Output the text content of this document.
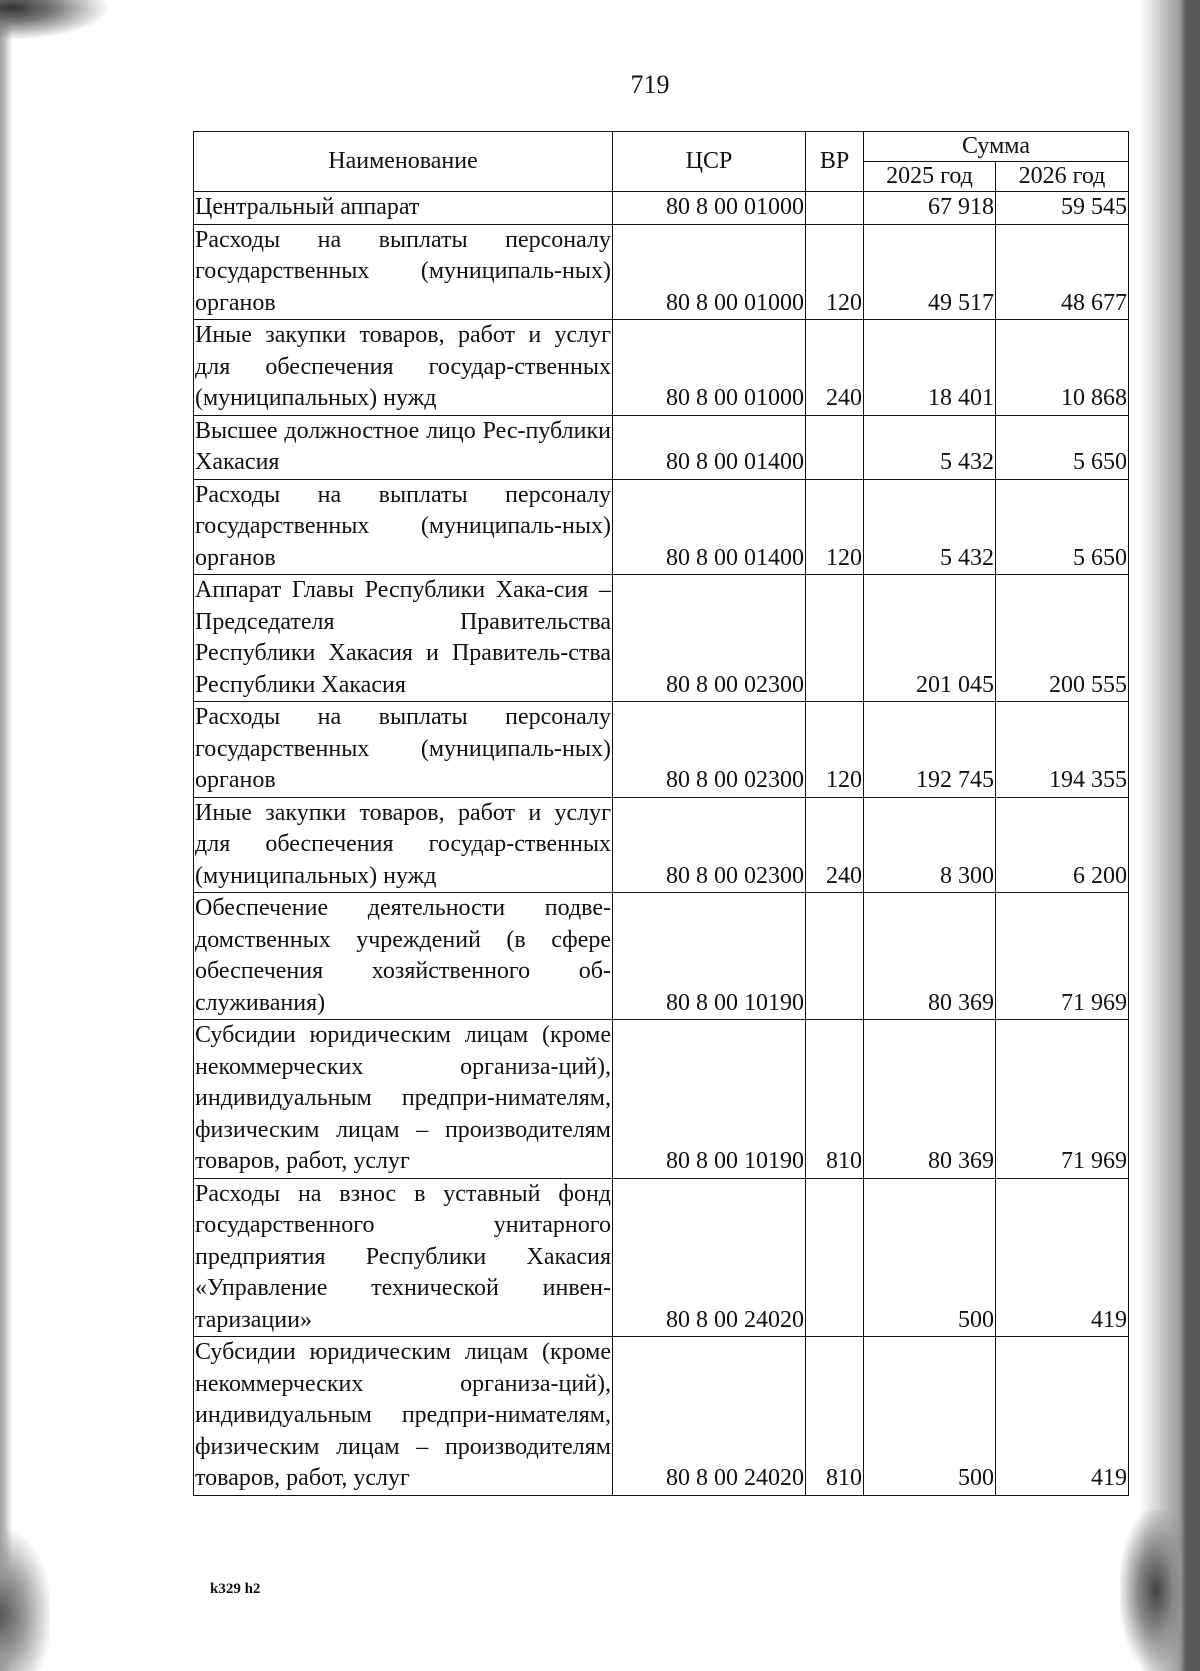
719
Наименование	ЦСР	ВР	Сумма	
			2025 год	2026 год
Центральный аппарат	80 8 00 01000		67 918	59 545
Расходы на выплаты персоналу государственных (муниципаль-ных) органов	80 8 00 01000	120	49 517	48 677
Иные закупки товаров, работ и услуг для обеспечения государ-ственных (муниципальных) нужд	80 8 00 01000	240	18 401	10 868
Высшее должностное лицо Рес-публики Хакасия	80 8 00 01400		5 432	5 650
Расходы на выплаты персоналу государственных (муниципаль-ных) органов	80 8 00 01400	120	5 432	5 650
Аппарат Главы Республики Хака-сия – Председателя Правительства Республики Хакасия и Правитель-ства Республики Хакасия	80 8 00 02300		201 045	200 555
Расходы на выплаты персоналу государственных (муниципаль-ных) органов	80 8 00 02300	120	192 745	194 355
Иные закупки товаров, работ и услуг для обеспечения государ-ственных (муниципальных) нужд	80 8 00 02300	240	8 300	6 200
Обеспечение деятельности подве-домственных учреждений (в сфере обеспечения хозяйственного об-служивания)	80 8 00 10190		80 369	71 969
Субсидии юридическим лицам (кроме некоммерческих организа-ций), индивидуальным предпри-нимателям, физическим лицам – производителям товаров, работ, услуг	80 8 00 10190	810	80 369	71 969
Расходы на взнос в уставный фонд государственного унитарного предприятия Республики Хакасия «Управление технической инвен-таризации»	80 8 00 24020		500	419
Субсидии юридическим лицам (кроме некоммерческих организа-ций), индивидуальным предпри-нимателям, физическим лицам – производителям товаров, работ, услуг	80 8 00 24020	810	500	419
k329 h2
